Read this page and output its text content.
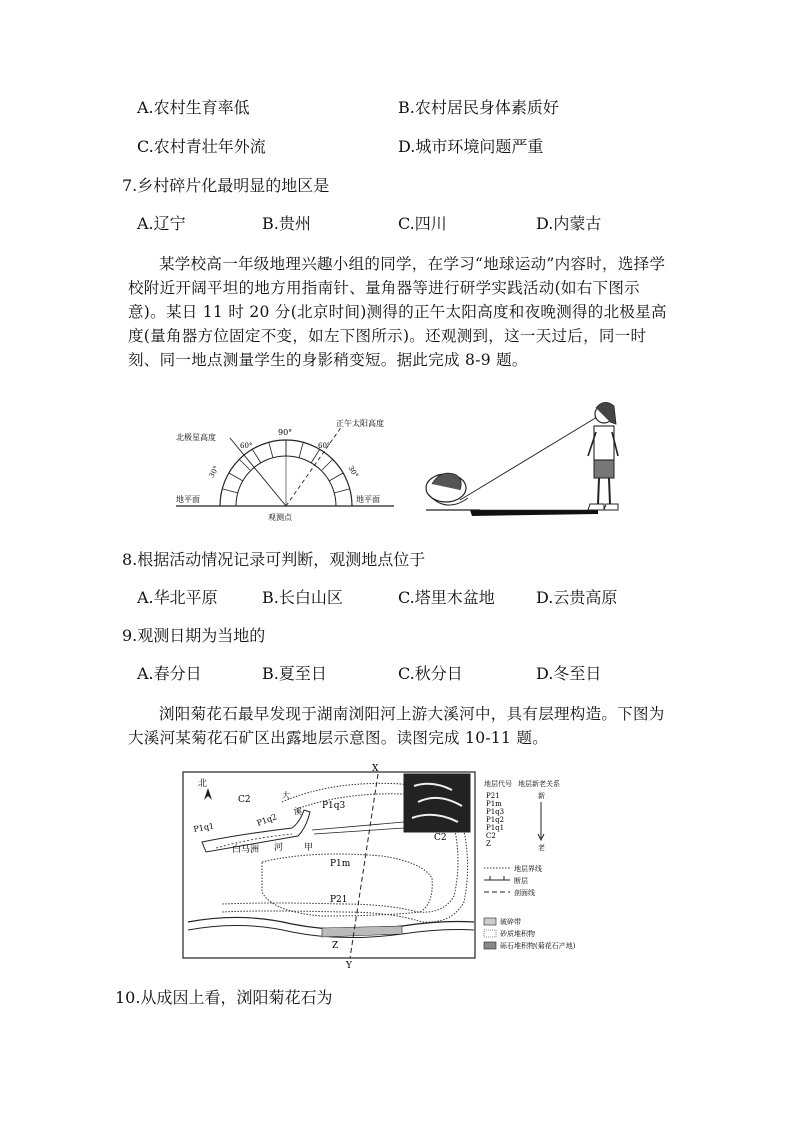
A.农村生育率低	B.农村居民身体素质好
C.农村青壮年外流	D.城市环境问题严重
7.乡村碎片化最明显的地区是
A.辽宁	B.贵州	C.四川	D.内蒙古
某学校高一年级地理兴趣小组的同学，在学习“地球运动”内容时，选择学校附近开阔平坦的地方用指南针、量角器等进行研学实践活动(如右下图示意)。某日 11 时 20 分(北京时间)测得的正午太阳高度和夜晚测得的北极星高度(量角器方位固定不变，如左下图所示)。还观测到，这一天过后，同一时刻、同一地点测量学生的身影稍变短。据此完成 8-9 题。
北极星高度
正午太阳高度
90°
60°
30°
60°
30°
地平面	地平面
观测点
8.根据活动情况记录可判断，观测地点位于
A.华北平原	B.长白山区	C.塔里木盆地	D.云贵高原
9.观测日期为当地的
A.春分日	B.夏至日	C.秋分日	D.冬至日
浏阳菊花石最早发现于湖南浏阳河上游大溪河中，具有层理构造。下图为大溪河某菊花石矿区出露地层示意图。读图完成 10-11 题。
北
X
Y
Z
C2
P1q3
P1q1	P1q2
大
溪
白马洲 河 甲
P1m
P21
C2
地层代号 地层新老关系
P21
P1m
P1q3
P1q2
P1q1
C2
Z
新
老
地层界线
断层
剖面线
破碎带
砂质堆积物
砾石堆积物(菊花石产地)
10.从成因上看，浏阳菊花石为
